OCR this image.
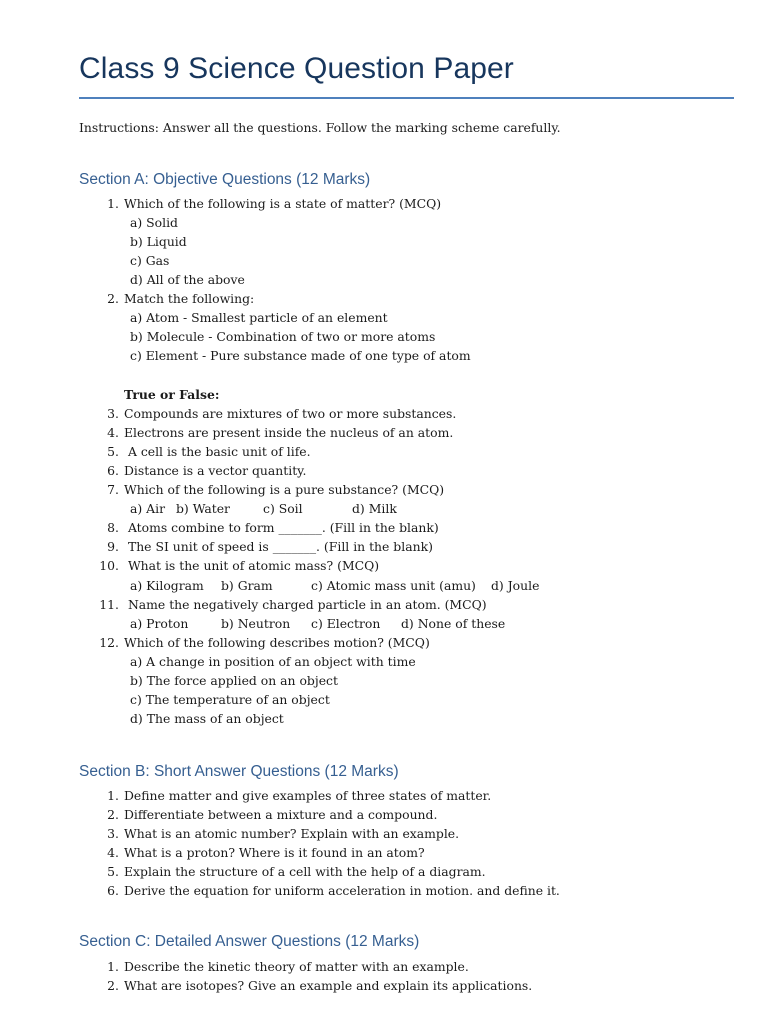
Class 9 Science Question Paper
Instructions: Answer all the questions. Follow the marking scheme carefully.
Section A: Objective Questions (12 Marks)
1. Which of the following is a state of matter? (MCQ)
a) Solid
b) Liquid
c) Gas
d) All of the above
2. Match the following:
a) Atom - Smallest particle of an element
b) Molecule - Combination of two or more atoms
c) Element - Pure substance made of one type of atom
True or False:
3. Compounds are mixtures of two or more substances.
4. Electrons are present inside the nucleus of an atom.
5. A cell is the basic unit of life.
6. Distance is a vector quantity.
7. Which of the following is a pure substance? (MCQ)
a) Air b) Water	c) Soil	d) Milk
8. Atoms combine to form _______. (Fill in the blank)
9. The SI unit of speed is _______. (Fill in the blank)
10. What is the unit of atomic mass? (MCQ)
a) Kilogram b) Gram	c) Atomic mass unit (amu) d) Joule
11. Name the negatively charged particle in an atom. (MCQ)
a) Proton	b) Neutron c) Electron d) None of these
12. Which of the following describes motion? (MCQ)
a) A change in position of an object with time
b) The force applied on an object
c) The temperature of an object
d) The mass of an object
Section B: Short Answer Questions (12 Marks)
1. Define matter and give examples of three states of matter.
2. Differentiate between a mixture and a compound.
3. What is an atomic number? Explain with an example.
4. What is a proton? Where is it found in an atom?
5. Explain the structure of a cell with the help of a diagram.
6. Derive the equation for uniform acceleration in motion. and define it.
Section C: Detailed Answer Questions (12 Marks)
1. Describe the kinetic theory of matter with an example.
2. What are isotopes? Give an example and explain its applications.
